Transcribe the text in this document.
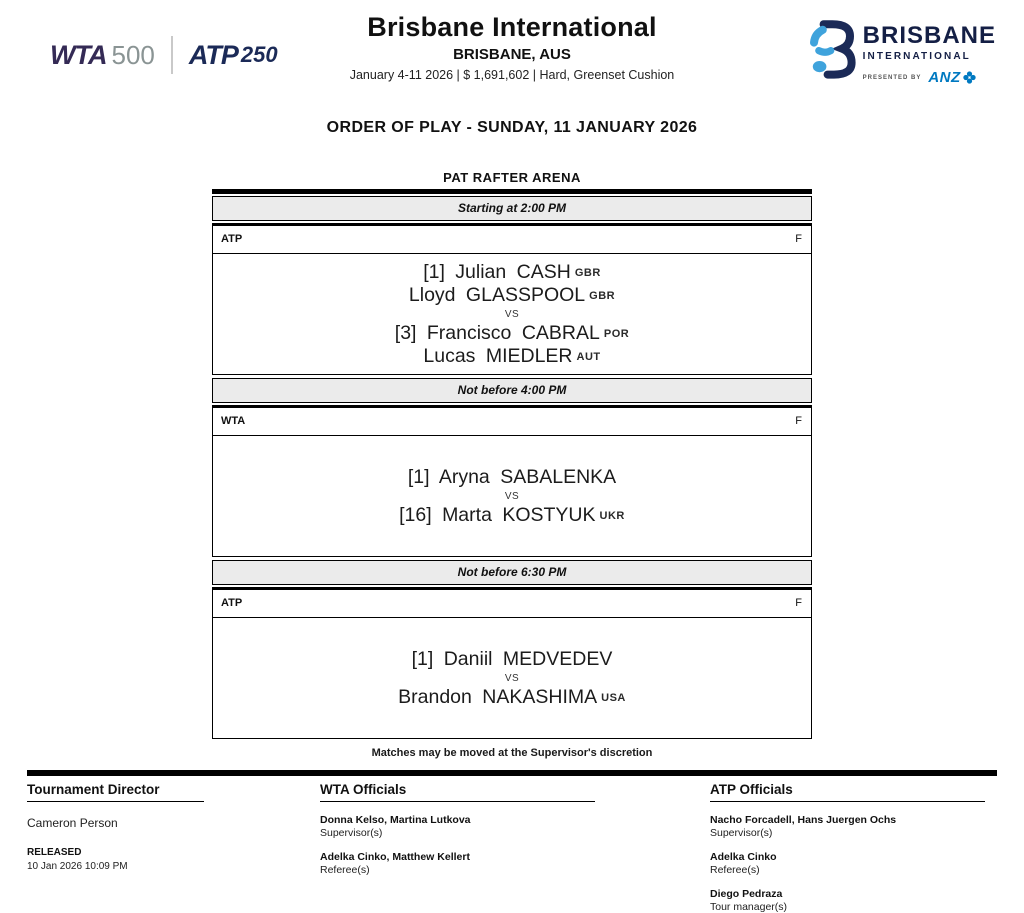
WTA 500 ATP 250
Brisbane International
BRISBANE, AUS
January 4-11 2026 | $ 1,691,602 | Hard, Greenset Cushion
BRISBANE
INTERNATIONAL
PRESENTED BY ANZ
ORDER OF PLAY - SUNDAY, 11 JANUARY 2026
PAT RAFTER ARENA
Starting at 2:00 PM
ATP	F
[1] Julian CASH GBR
Lloyd GLASSPOOL GBR
VS
[3] Francisco CABRAL POR
Lucas MIEDLER AUT
Not before 4:00 PM
WTA	F
[1] Aryna SABALENKA
VS
[16] Marta KOSTYUK UKR
Not before 6:30 PM
ATP	F
[1] Daniil MEDVEDEV
VS
Brandon NAKASHIMA USA
Matches may be moved at the Supervisor's discretion
Tournament Director
Cameron Person
RELEASED
10 Jan 2026 10:09 PM
WTA Officials
Donna Kelso, Martina Lutkova
Supervisor(s)
Adelka Cinko, Matthew Kellert
Referee(s)
ATP Officials
Nacho Forcadell, Hans Juergen Ochs
Supervisor(s)
Adelka Cinko
Referee(s)
Diego Pedraza
Tour manager(s)
